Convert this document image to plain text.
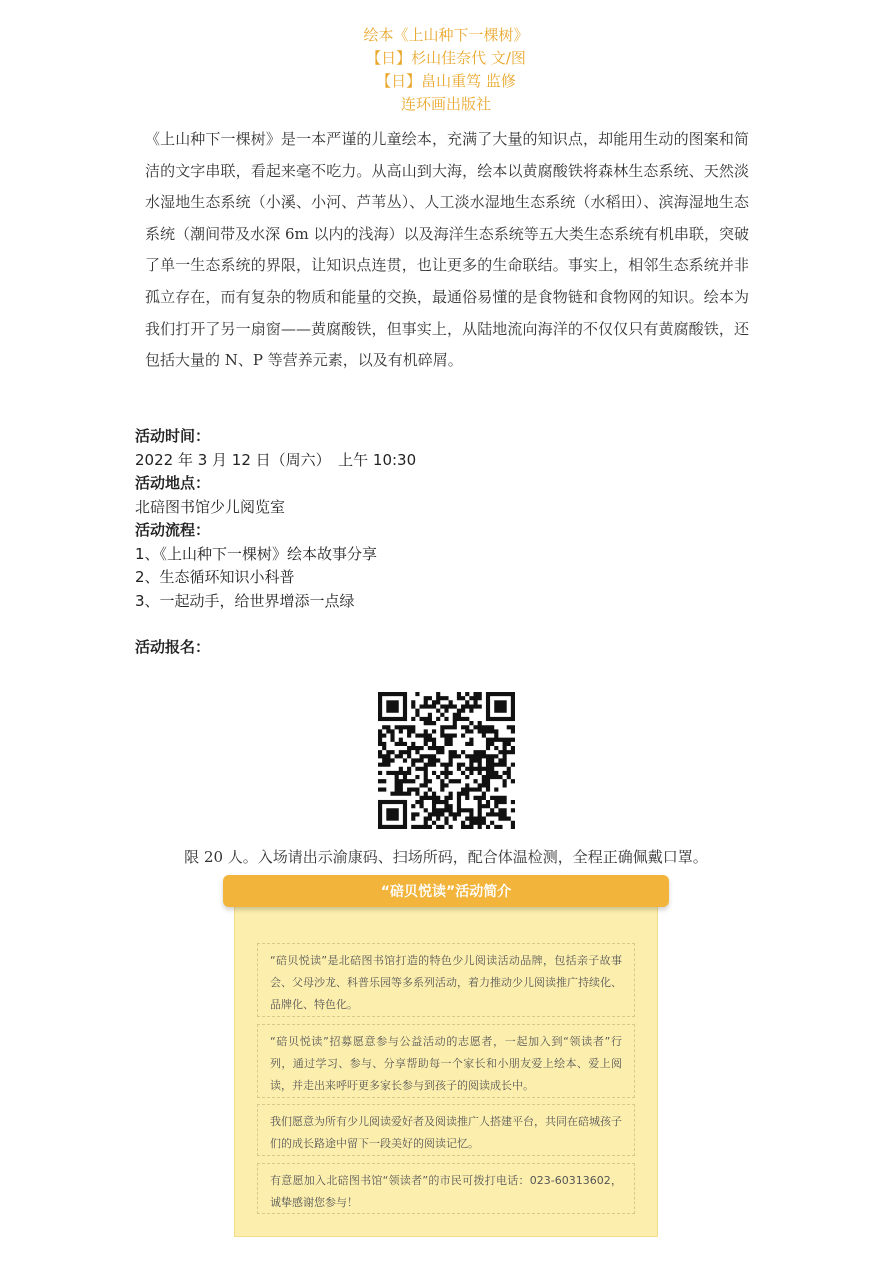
绘本《上山种下一棵树》
【日】杉山佳奈代 文/图
【日】畠山重笃 监修
连环画出版社
《上山种下一棵树》是一本严谨的儿童绘本，充满了大量的知识点，却能用生动的图案和简洁的文字串联，看起来毫不吃力。从高山到大海，绘本以黄腐酸铁将森林生态系统、天然淡水湿地生态系统（小溪、小河、芦苇丛）、人工淡水湿地生态系统（水稻田）、滨海湿地生态系统（潮间带及水深 6m 以内的浅海）以及海洋生态系统等五大类生态系统有机串联，突破了单一生态系统的界限，让知识点连贯，也让更多的生命联结。事实上，相邻生态系统并非孤立存在，而有复杂的物质和能量的交换，最通俗易懂的是食物链和食物网的知识。绘本为我们打开了另一扇窗——黄腐酸铁，但事实上，从陆地流向海洋的不仅仅只有黄腐酸铁，还包括大量的 N、P 等营养元素，以及有机碎屑。
活动时间：
2022 年 3 月 12 日（周六）　上午 10:30
活动地点：
北碚图书馆少儿阅览室
活动流程：
1、《上山种下一棵树》绘本故事分享
2、生态循环知识小科普
3、一起动手，给世界增添一点绿
活动报名：
限 20 人。入场请出示渝康码、扫场所码，配合体温检测，全程正确佩戴口罩。
“碚贝悦读”活动简介
“碚贝悦读”是北碚图书馆打造的特色少儿阅读活动品牌，包括亲子故事会、父母沙龙、科普乐园等多系列活动，着力推动少儿阅读推广持续化、品牌化、特色化。
“碚贝悦读”招募愿意参与公益活动的志愿者，一起加入到“领读者”行列，通过学习、参与、分享帮助每一个家长和小朋友爱上绘本、爱上阅读，并走出来呼吁更多家长参与到孩子的阅读成长中。
我们愿意为所有少儿阅读爱好者及阅读推广人搭建平台，共同在碚城孩子们的成长路途中留下一段美好的阅读记忆。
有意愿加入北碚图书馆“领读者”的市民可拨打电话：023-60313602，诚挚感谢您参与！
